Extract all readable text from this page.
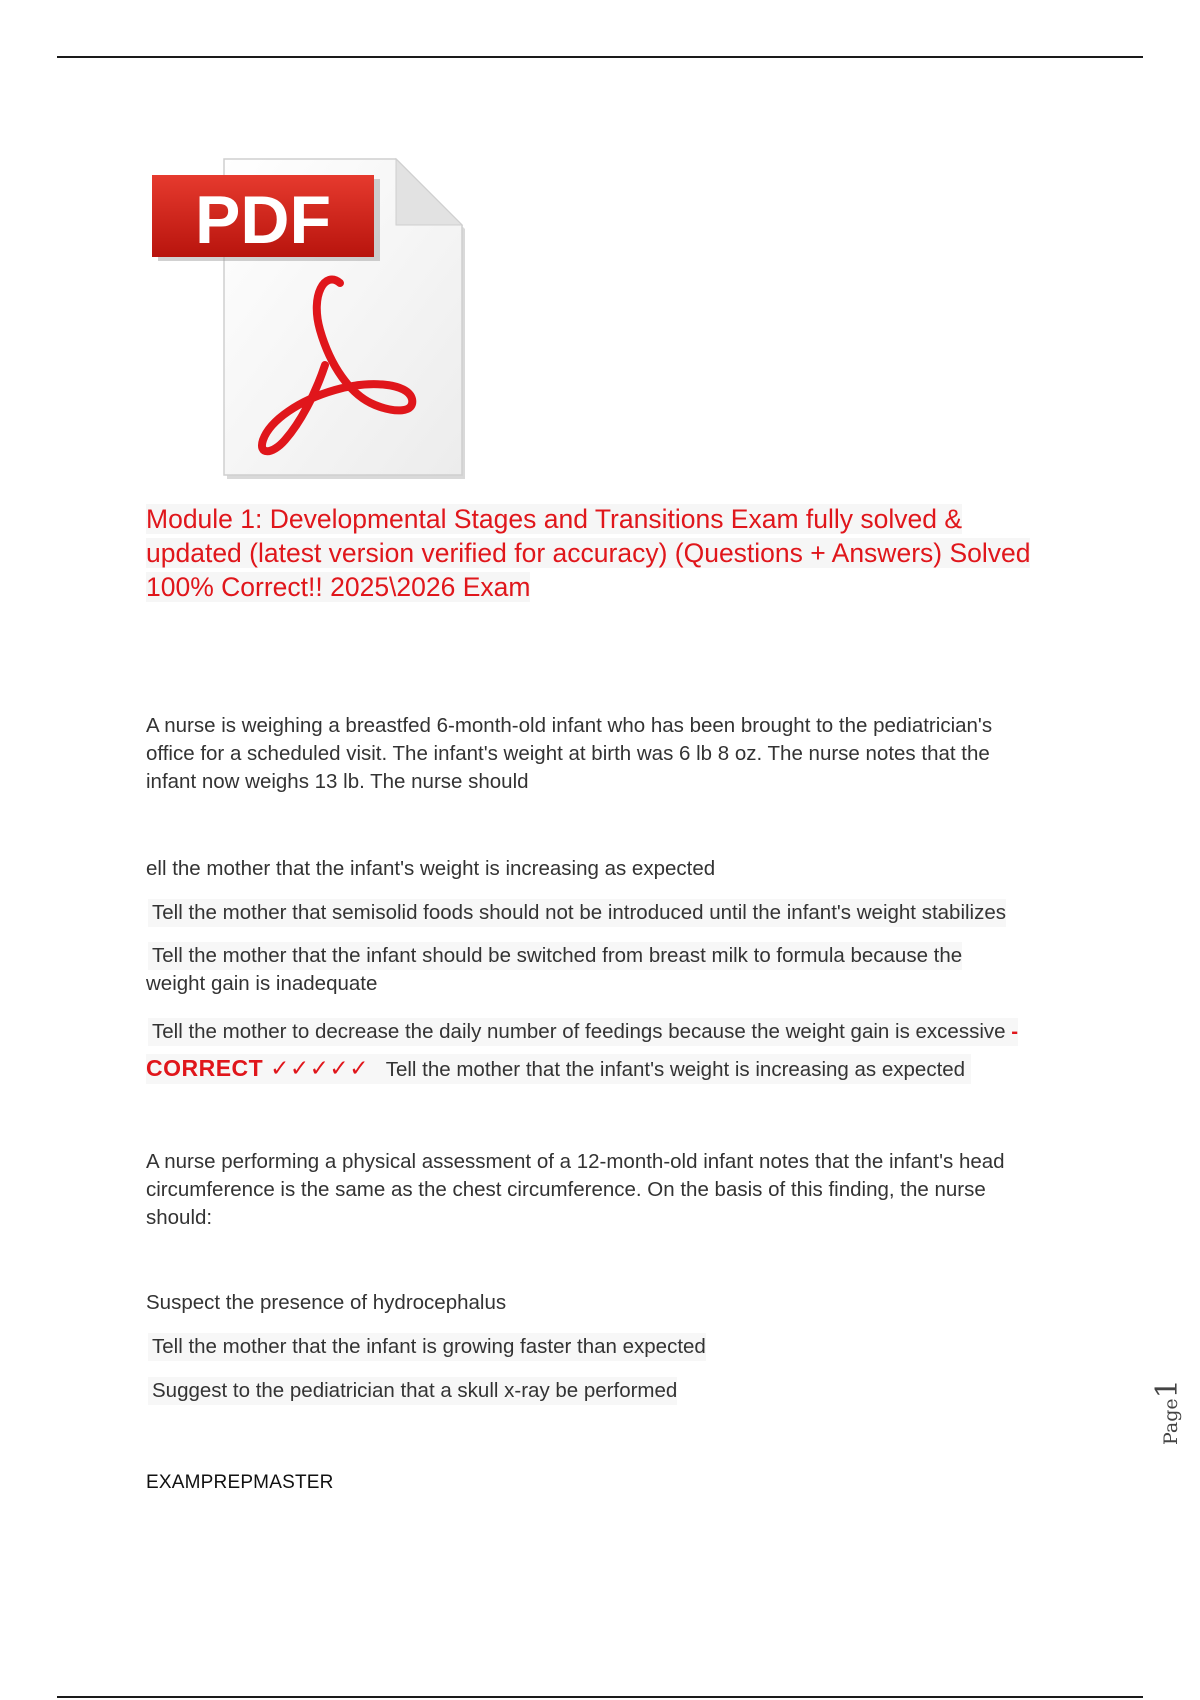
PDF
Module 1: Developmental Stages and Transitions Exam fully solved &
updated (latest version verified for accuracy) (Questions + Answers) Solved
100% Correct!! 2025\2026 Exam

A nurse is weighing a breastfed 6-month-old infant who has been brought to the pediatrician's
office for a scheduled visit. The infant's weight at birth was 6 lb 8 oz. The nurse notes that the
infant now weighs 13 lb. The nurse should

ell the mother that the infant's weight is increasing as expected

Tell the mother that semisolid foods should not be introduced until the infant's weight stabilizes

Tell the mother that the infant should be switched from breast milk to formula because the

weight gain is inadequate

Tell the mother to decrease the daily number of feedings because the weight gain is excessive -

CORRECT ✓✓✓✓✓ Tell the mother that the infant's weight is increasing as expected

A nurse performing a physical assessment of a 12-month-old infant notes that the infant's head
circumference is the same as the chest circumference. On the basis of this finding, the nurse
should:

Suspect the presence of hydrocephalus

Tell the mother that the infant is growing faster than expected

Suggest to the pediatrician that a skull x-ray be performed

EXAMPREPMASTER
Page1
